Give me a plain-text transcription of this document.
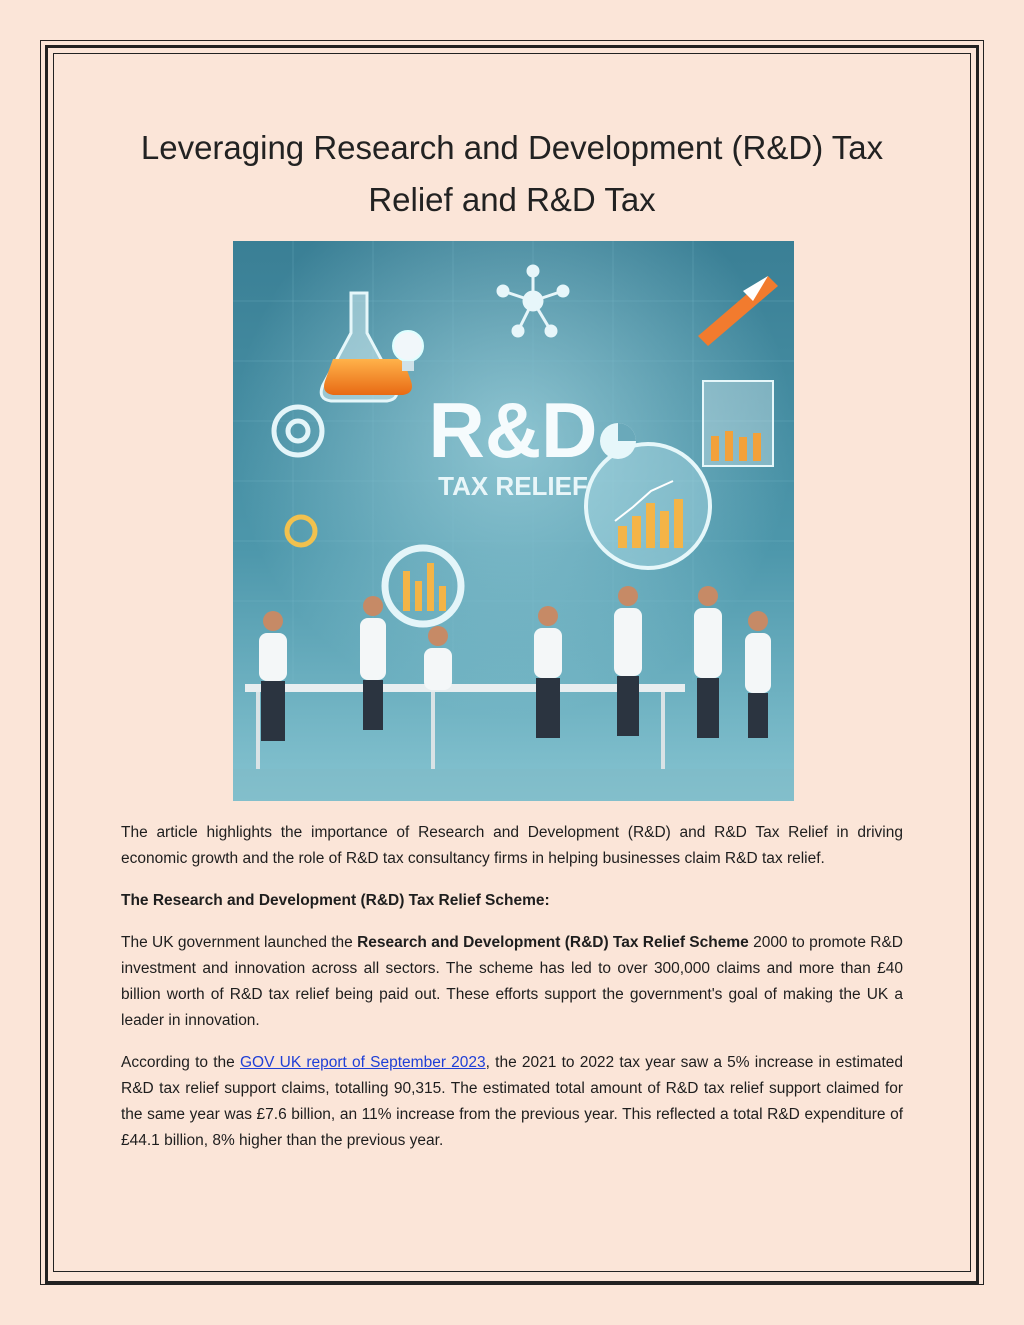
Leveraging Research and Development (R&D) Tax Relief and R&D Tax
R&D
TAX RELIEF

The article highlights the importance of Research and Development (R&D) and R&D Tax Relief in driving economic growth and the role of R&D tax consultancy firms in helping businesses claim R&D tax relief.

The Research and Development (R&D) Tax Relief Scheme:

The UK government launched the Research and Development (R&D) Tax Relief Scheme 2000 to promote R&D investment and innovation across all sectors. The scheme has led to over 300,000 claims and more than £40 billion worth of R&D tax relief being paid out. These efforts support the government's goal of making the UK a leader in innovation.

According to the GOV UK report of September 2023, the 2021 to 2022 tax year saw a 5% increase in estimated R&D tax relief support claims, totalling 90,315. The estimated total amount of R&D tax relief support claimed for the same year was £7.6 billion, an 11% increase from the previous year. This reflected a total R&D expenditure of £44.1 billion, 8% higher than the previous year.
